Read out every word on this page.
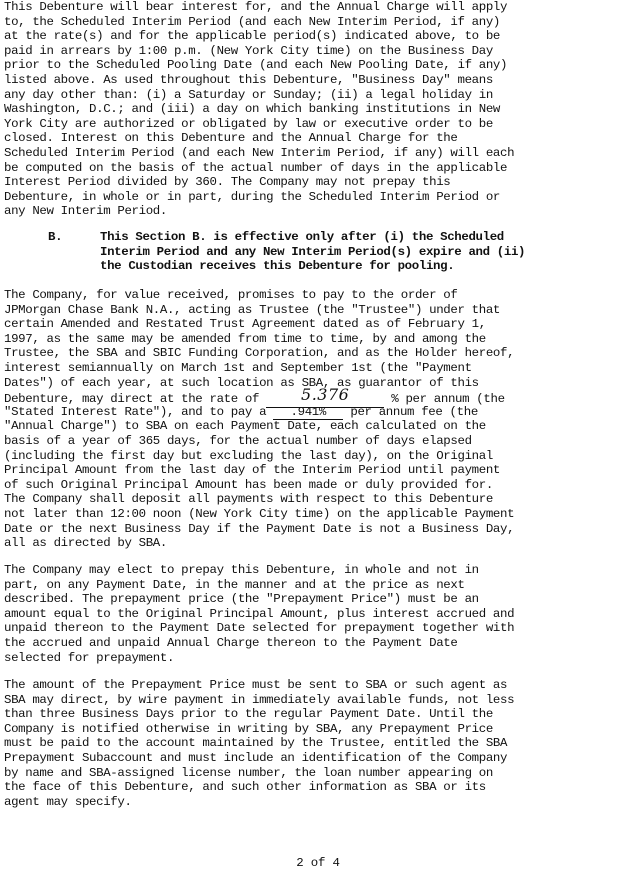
This Debenture will bear interest for, and the Annual Charge will apply
to, the Scheduled Interim Period (and each New Interim Period, if any)
at the rate(s) and for the applicable period(s) indicated above, to be
paid in arrears by 1:00 p.m. (New York City time) on the Business Day
prior to the Scheduled Pooling Date (and each New Pooling Date, if any)
listed above. As used throughout this Debenture, "Business Day" means
any day other than: (i) a Saturday or Sunday; (ii) a legal holiday in
Washington, D.C.; and (iii) a day on which banking institutions in New
York City are authorized or obligated by law or executive order to be
closed. Interest on this Debenture and the Annual Charge for the
Scheduled Interim Period (and each New Interim Period, if any) will each
be computed on the basis of the actual number of days in the applicable
Interest Period divided by 360. The Company may not prepay this
Debenture, in whole or in part, during the Scheduled Interim Period or
any New Interim Period.
B.	This Section B. is effective only after (i) the Scheduled
Interim Period and any New Interim Period(s) expire and (ii)
the Custodian receives this Debenture for pooling.
The Company, for value received, promises to pay to the order of
JPMorgan Chase Bank N.A., acting as Trustee (the "Trustee") under that
certain Amended and Restated Trust Agreement dated as of February 1,
1997, as the same may be amended from time to time, by and among the
Trustee, the SBA and SBIC Funding Corporation, and as the Holder hereof,
interest semiannually on March 1st and September 1st (the "Payment
Dates") of each year, at such location as SBA, as guarantor of this
Debenture, may direct at the rate of	5.376	% per annum (the
"Stated Interest Rate"), and to pay a .941% per annum fee (the
"Annual Charge") to SBA on each Payment Date, each calculated on the
basis of a year of 365 days, for the actual number of days elapsed
(including the first day but excluding the last day), on the Original
Principal Amount from the last day of the Interim Period until payment
of such Original Principal Amount has been made or duly provided for.
The Company shall deposit all payments with respect to this Debenture
not later than 12:00 noon (New York City time) on the applicable Payment
Date or the next Business Day if the Payment Date is not a Business Day,
all as directed by SBA.
The Company may elect to prepay this Debenture, in whole and not in
part, on any Payment Date, in the manner and at the price as next
described. The prepayment price (the "Prepayment Price") must be an
amount equal to the Original Principal Amount, plus interest accrued and
unpaid thereon to the Payment Date selected for prepayment together with
the accrued and unpaid Annual Charge thereon to the Payment Date
selected for prepayment.
The amount of the Prepayment Price must be sent to SBA or such agent as
SBA may direct, by wire payment in immediately available funds, not less
than three Business Days prior to the regular Payment Date. Until the
Company is notified otherwise in writing by SBA, any Prepayment Price
must be paid to the account maintained by the Trustee, entitled the SBA
Prepayment Subaccount and must include an identification of the Company
by name and SBA-assigned license number, the loan number appearing on
the face of this Debenture, and such other information as SBA or its
agent may specify.
2 of 4
